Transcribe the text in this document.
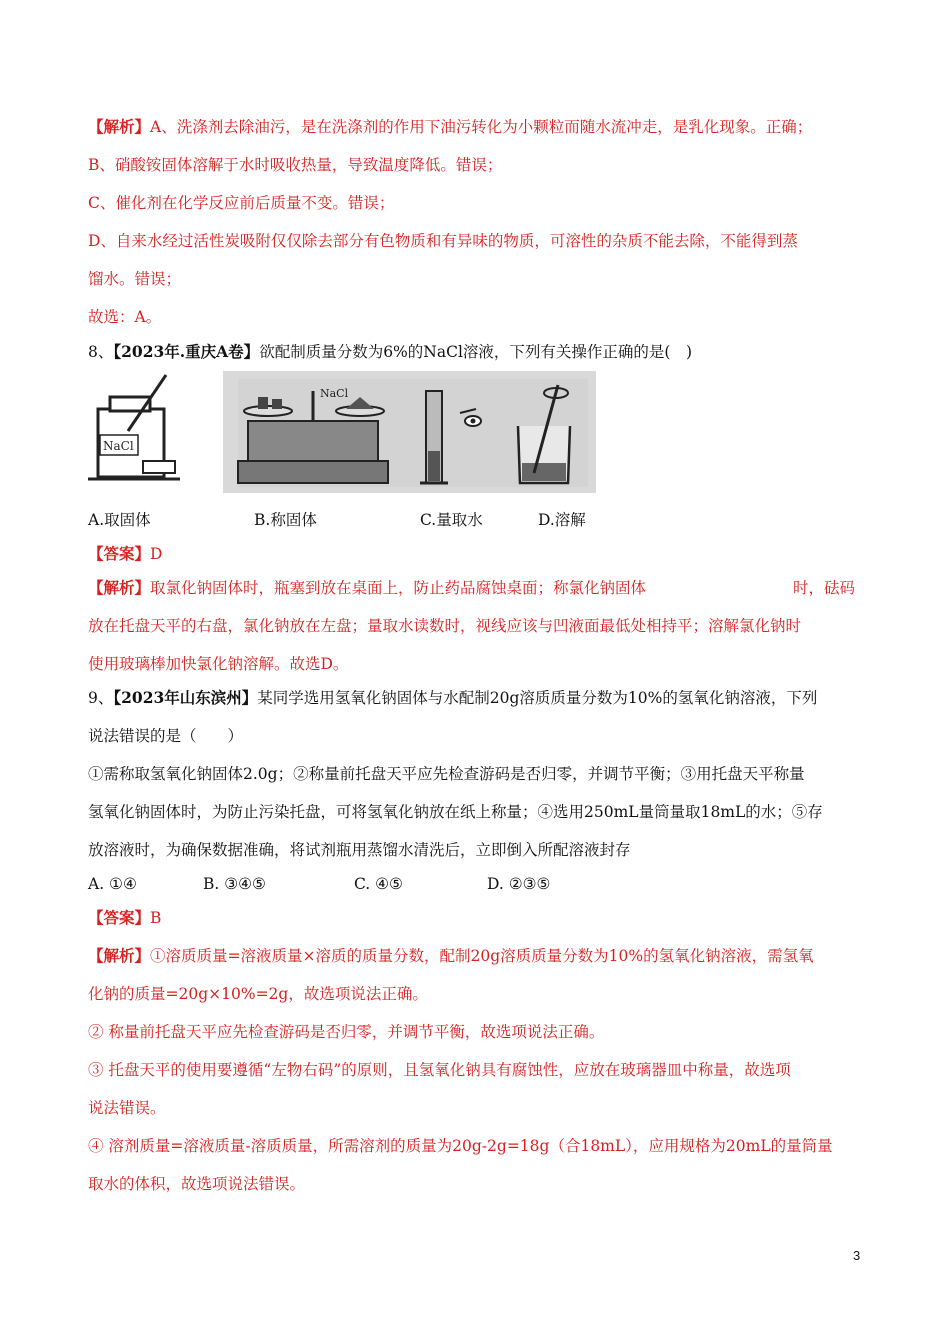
【解析】A、洗涤剂去除油污，是在洗涤剂的作用下油污转化为小颗粒而随水流冲走，是乳化现象。正确；
B、硝酸铵固体溶解于水时吸收热量，导致温度降低。错误；
C、催化剂在化学反应前后质量不变。错误；
D、自来水经过活性炭吸附仅仅除去部分有色物质和有异味的物质，可溶性的杂质不能去除，不能得到蒸
馏水。错误；
故选：A。
8、【2023年.重庆A卷】欲配制质量分数为6%的NaCl溶液，下列有关操作正确的是(　)
NaCl
NaCl
A.取固体	B.称固体	C.量取水	D.溶解
【答案】D
【解析】取氯化钠固体时，瓶塞到放在桌面上，防止药品腐蚀桌面；称氯化钠固体	时，砝码
放在托盘天平的右盘，氯化钠放在左盘；量取水读数时，视线应该与凹液面最低处相持平；溶解氯化钠时
使用玻璃棒加快氯化钠溶解。故选D。
9、【2023年山东滨州】某同学选用氢氧化钠固体与水配制20g溶质质量分数为10%的氢氧化钠溶液，下列
说法错误的是（　　）
①需称取氢氧化钠固体2.0g；②称量前托盘天平应先检查游码是否归零，并调节平衡；③用托盘天平称量
氢氧化钠固体时，为防止污染托盘，可将氢氧化钠放在纸上称量；④选用250mL量筒量取18mL的水；⑤存
放溶液时，为确保数据准确，将试剂瓶用蒸馏水清洗后，立即倒入所配溶液封存
A. ①④	B. ③④⑤	C. ④⑤	D. ②③⑤
【答案】B
【解析】①溶质质量=溶液质量×溶质的质量分数，配制20g溶质质量分数为10%的氢氧化钠溶液，需氢氧
化钠的质量=20g×10%=2g，故选项说法正确。
② 称量前托盘天平应先检查游码是否归零，并调节平衡，故选项说法正确。
③ 托盘天平的使用要遵循“左物右码”的原则，且氢氧化钠具有腐蚀性，应放在玻璃器皿中称量，故选项
说法错误。
④ 溶剂质量=溶液质量-溶质质量，所需溶剂的质量为20g-2g=18g（合18mL），应用规格为20mL的量筒量
取水的体积，故选项说法错误。
3
